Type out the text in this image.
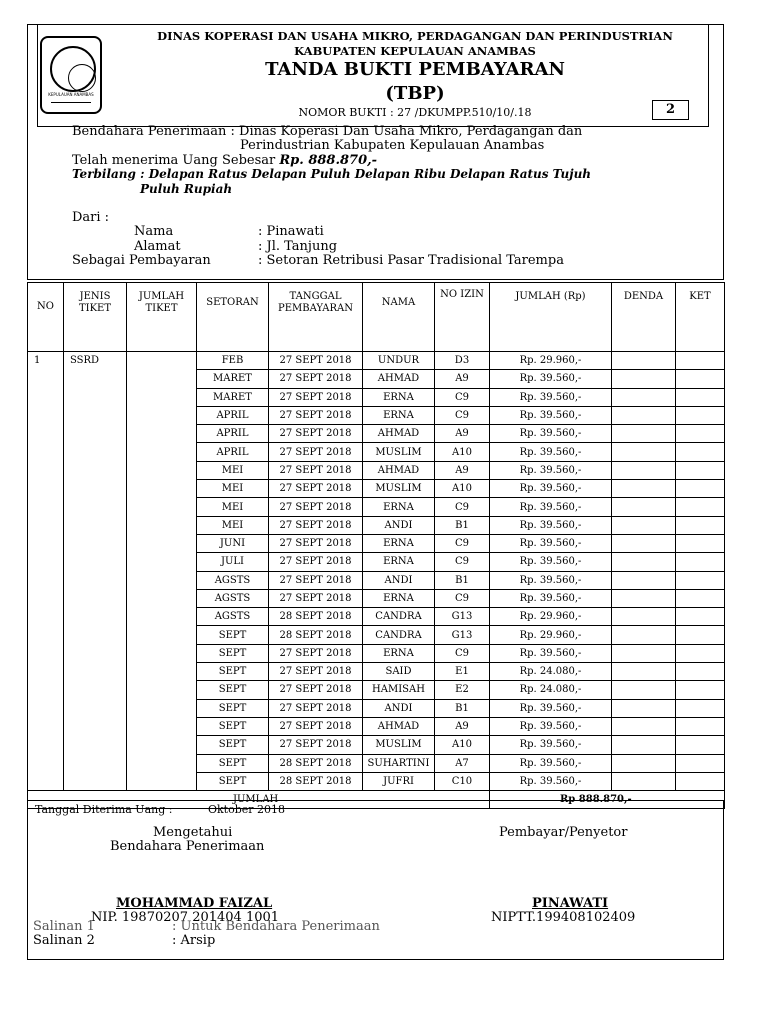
KEPULAUAN ANAMBAS
DINAS KOPERASI DAN USAHA MIKRO, PERDAGANGAN DAN PERINDUSTRIAN
KABUPATEN KEPULAUAN ANAMBAS
TANDA BUKTI PEMBAYARAN
(TBP)
NOMOR BUKTI : 27 /DKUMPP.510/10/.18	2
Bendahara Penerimaan : Dinas Koperasi Dan Usaha Mikro, Perdagangan dan
Perindustrian Kabupaten Kepulauan Anambas
Telah menerima Uang Sebesar Rp. 888.870,-
Terbilang : Delapan Ratus Delapan Puluh Delapan Ribu Delapan Ratus Tujuh
Puluh Rupiah
Dari :
Nama	: Pinawati
Alamat	: Jl. Tanjung
Sebagai Pembayaran	: Setoran Retribusi Pasar Tradisional Tarempa
NO	JENIS TIKET	JUMLAH TIKET	SETORAN	TANGGAL PEMBAYARAN	NAMA	NO IZIN	JUMLAH (Rp)	DENDA	KET
1	SSRD		FEB	27 SEPT 2018	UNDUR	D3	Rp. 29.960,-		
			MARET	27 SEPT 2018	AHMAD	A9	Rp. 39.560,-		
			MARET	27 SEPT 2018	ERNA	C9	Rp. 39.560,-		
			APRIL	27 SEPT 2018	ERNA	C9	Rp. 39.560,-		
			APRIL	27 SEPT 2018	AHMAD	A9	Rp. 39.560,-		
			APRIL	27 SEPT 2018	MUSLIM	A10	Rp. 39.560,-		
			MEI	27 SEPT 2018	AHMAD	A9	Rp. 39.560,-		
			MEI	27 SEPT 2018	MUSLIM	A10	Rp. 39.560,-		
			MEI	27 SEPT 2018	ERNA	C9	Rp. 39.560,-		
			MEI	27 SEPT 2018	ANDI	B1	Rp. 39.560,-		
			JUNI	27 SEPT 2018	ERNA	C9	Rp. 39.560,-		
			JULI	27 SEPT 2018	ERNA	C9	Rp. 39.560,-		
			AGSTS	27 SEPT 2018	ANDI	B1	Rp. 39.560,-		
			AGSTS	27 SEPT 2018	ERNA	C9	Rp. 39.560,-		
			AGSTS	28 SEPT 2018	CANDRA	G13	Rp. 29.960,-		
			SEPT	28 SEPT 2018	CANDRA	G13	Rp. 29.960,-		
			SEPT	27 SEPT 2018	ERNA	C9	Rp. 39.560,-		
			SEPT	27 SEPT 2018	SAID	E1	Rp. 24.080,-		
			SEPT	27 SEPT 2018	HAMISAH	E2	Rp. 24.080,-		
			SEPT	27 SEPT 2018	ANDI	B1	Rp. 39.560,-		
			SEPT	27 SEPT 2018	AHMAD	A9	Rp. 39.560,-		
			SEPT	27 SEPT 2018	MUSLIM	A10	Rp. 39.560,-		
			SEPT	28 SEPT 2018	SUHARTINI	A7	Rp. 39.560,-		
			SEPT	28 SEPT 2018	JUFRI	C10	Rp. 39.560,-		
JUMLAH							Rp 888.870,-		
Tanggal Diterima Uang :	Oktober 2018
Mengetahui
Bendahara Penerimaan
Pembayar/Penyetor
MOHAMMAD FAIZAL	PINAWATI
Salinan 1	: Untuk Bendahara Penerimaan
NIP. 19870207 201404 1001	NIPTT.199408102409
Salinan 2	: Arsip
